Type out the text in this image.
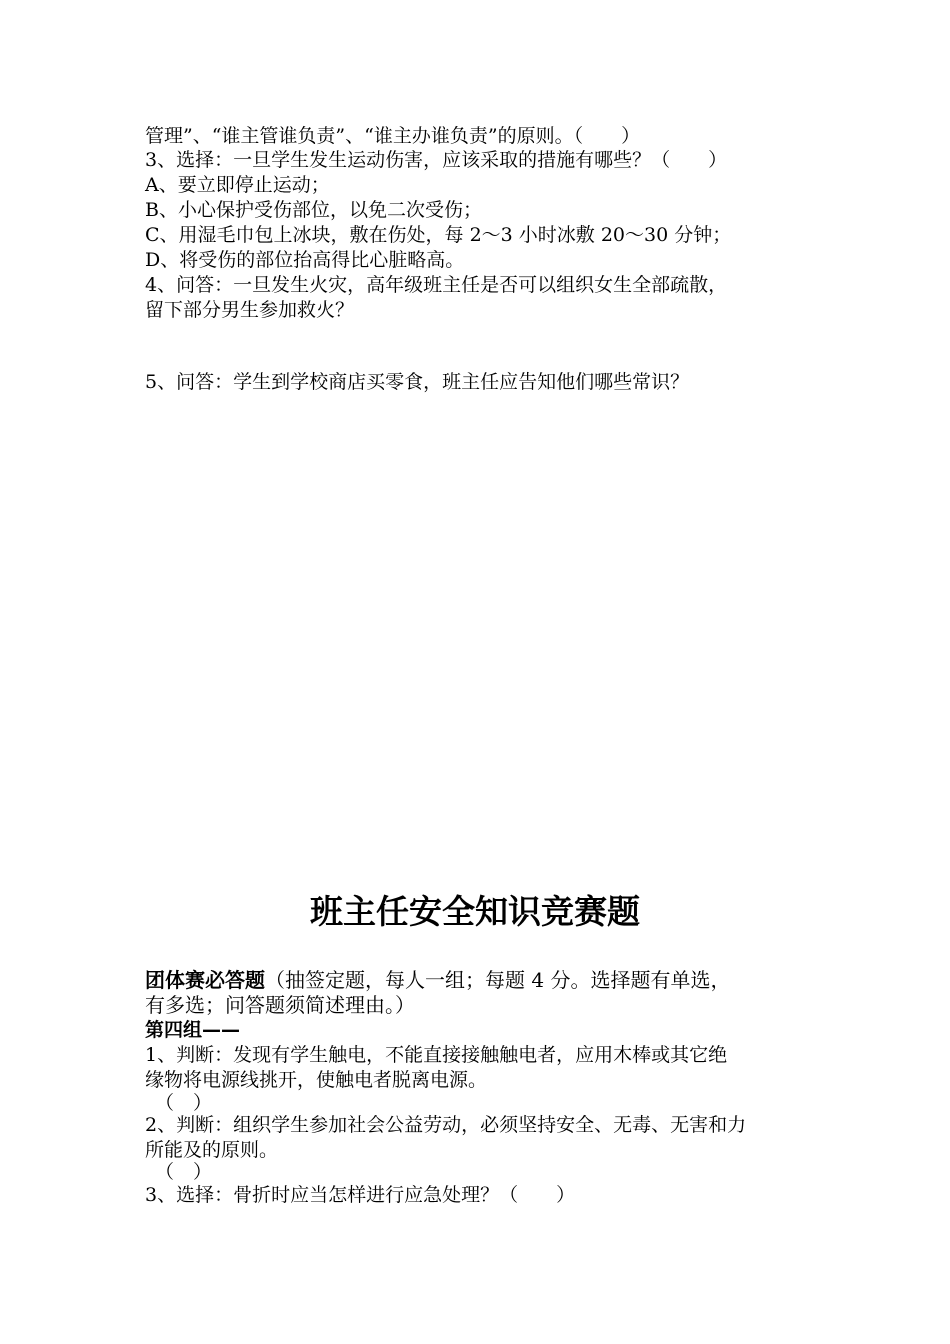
管理”、“谁主管谁负责”、“谁主办谁负责”的原则。（　　）
3、选择：一旦学生发生运动伤害，应该采取的措施有哪些？（　　）
A、要立即停止运动；
B、小心保护受伤部位，以免二次受伤；
C、用湿毛巾包上冰块，敷在伤处，每 2～3 小时冰敷 20～30 分钟；
D、将受伤的部位抬高得比心脏略高。
4、问答：一旦发生火灾，高年级班主任是否可以组织女生全部疏散，
留下部分男生参加救火？
5、问答：学生到学校商店买零食，班主任应告知他们哪些常识？
班主任安全知识竞赛题
团体赛必答题（抽签定题，每人一组；每题 4 分。选择题有单选，
有多选；问答题须简述理由。）
第四组——
1、判断：发现有学生触电，不能直接接触触电者，应用木棒或其它绝
缘物将电源线挑开，使触电者脱离电源。
（　）
2、判断：组织学生参加社会公益劳动，必须坚持安全、无毒、无害和力
所能及的原则。
（　）
3、选择：骨折时应当怎样进行应急处理？（　　）
